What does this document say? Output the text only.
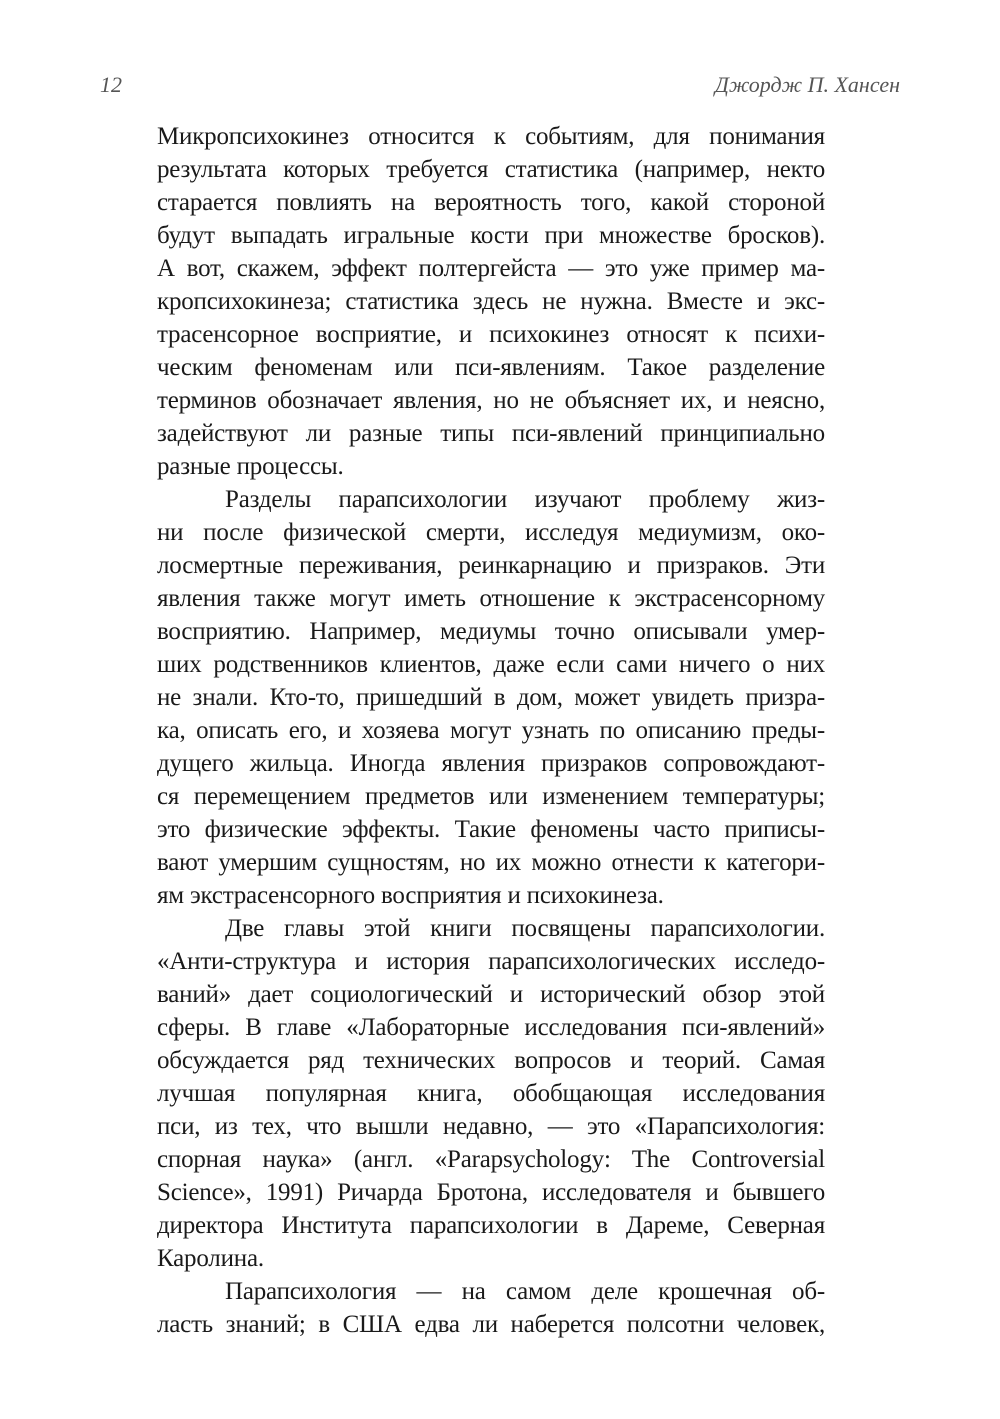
12	Джордж П. Хансен
Микропсихокинез относится к событиям, для понимания
результата которых требуется статистика (например, некто
старается повлиять на вероятность того, какой стороной
будут выпадать игральные кости при множестве бросков).
А вот, скажем, эффект полтергейста — это уже пример ма-
кропсихокинеза; статистика здесь не нужна. Вместе и экс-
трасенсорное восприятие, и психокинез относят к психи-
ческим феноменам или пси-явлениям. Такое разделение
терминов обозначает явления, но не объясняет их, и неясно,
задействуют ли разные типы пси-явлений принципиально
разные процессы.
Разделы парапсихологии изучают проблему жиз-
ни после физической смерти, исследуя медиумизм, око-
лосмертные переживания, реинкарнацию и призраков. Эти
явления также могут иметь отношение к экстрасенсорному
восприятию. Например, медиумы точно описывали умер-
ших родственников клиентов, даже если сами ничего о них
не знали. Кто-то, пришедший в дом, может увидеть призра-
ка, описать его, и хозяева могут узнать по описанию преды-
дущего жильца. Иногда явления призраков сопровождают-
ся перемещением предметов или изменением температуры;
это физические эффекты. Такие феномены часто приписы-
вают умершим сущностям, но их можно отнести к категори-
ям экстрасенсорного восприятия и психокинеза.
Две главы этой книги посвящены парапсихологии.
«Анти-структура и история парапсихологических исследо-
ваний» дает социологический и исторический обзор этой
сферы. В главе «Лабораторные исследования пси-явлений»
обсуждается ряд технических вопросов и теорий. Самая
лучшая популярная книга, обобщающая исследования
пси, из тех, что вышли недавно, — это «Парапсихология:
спорная наука» (англ. «Parapsychology: The Controversial
Science», 1991) Ричарда Бротона, исследователя и бывшего
директора Института парапсихологии в Дареме, Северная
Каролина.
Парапсихология — на самом деле крошечная об-
ласть знаний; в США едва ли наберется полсотни человек,
